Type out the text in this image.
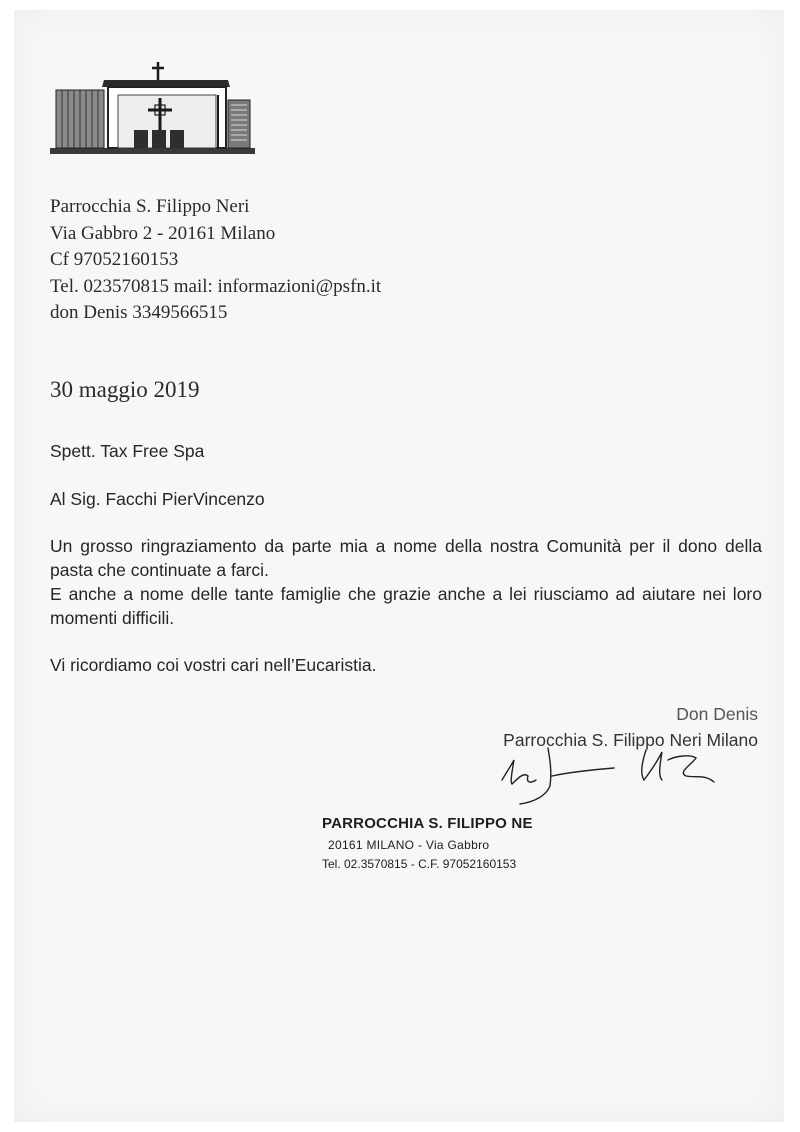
Parrocchia S. Filippo Neri
Via Gabbro 2 - 20161 Milano
Cf 97052160153
Tel. 023570815 mail: informazioni@psfn.it
don Denis 3349566515
30 maggio 2019
Spett. Tax Free Spa
Al Sig. Facchi PierVincenzo
Un grosso ringraziamento da parte mia a nome della nostra Comunità per il dono della pasta che continuate a farci.
E anche a nome delle tante famiglie che grazie anche a lei riusciamo ad aiutare nei loro momenti difficili.
Vi ricordiamo coi vostri cari nell’Eucaristia.
Don Denis
Parrocchia S. Filippo Neri Milano
PARROCCHIA S. FILIPPO NE
20161 MILANO - Via Gabbro
Tel. 02.3570815 - C.F. 97052160153
